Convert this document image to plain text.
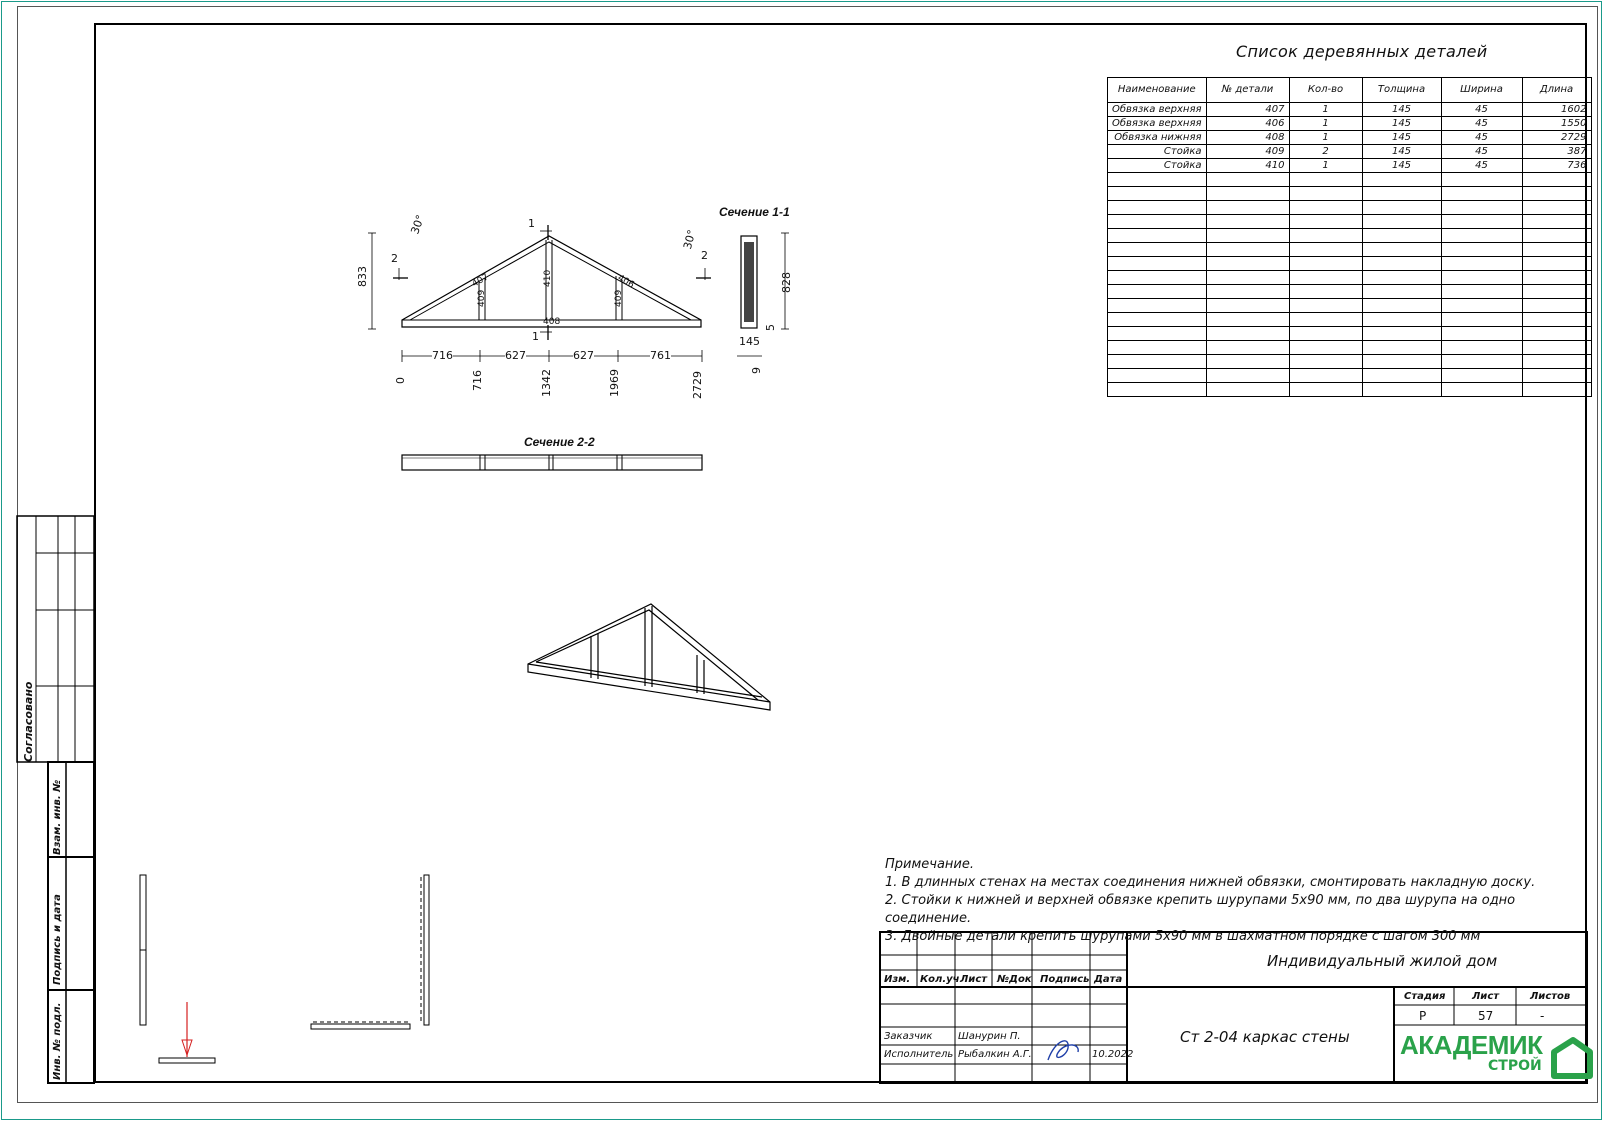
Согласовано
Взам. инв. №
Подпись и дата
Инв. № подл.
Список деревянных деталей
Наименование	№ детали	Кол-во	Толщина	Ширина	Длина
Обвязка верхняя	407	1	145	45	1602
Обвязка верхняя	406	1	145	45	1550
Обвязка нижняя	408	1	145	45	2729
Стойка	409	2	145	45	387
Стойка	410	1	145	45	736

Сечение 1-1
Сечение 2-2
1
1
2	2
30°
30°
833	828
145
5
9
407	406
410
409	409
408
716	627	627	761
0	716	1342	1969	2729
Примечание.
1. В длинных стенах на местах соединения нижней обвязки, смонтировать накладную доску.
2. Стойки к нижней и верхней обвязке крепить шурупами 5х90 мм, по два шурупа на одно соединение.
3. Двойные детали крепить шурупами 5х90 мм в шахматном порядке с шагом 300 мм
Изм. Кол.уч Лист №Док Подпись Дата
Заказчик	Шанурин П.
Исполнитель Рыбалкин А.Г.	10.2022
Индивидуальный жилой дом
Ст 2-04 каркас стены
Стадия	Лист	Листов
Р	57	-
АКАДЕМИК
СТРОЙ
